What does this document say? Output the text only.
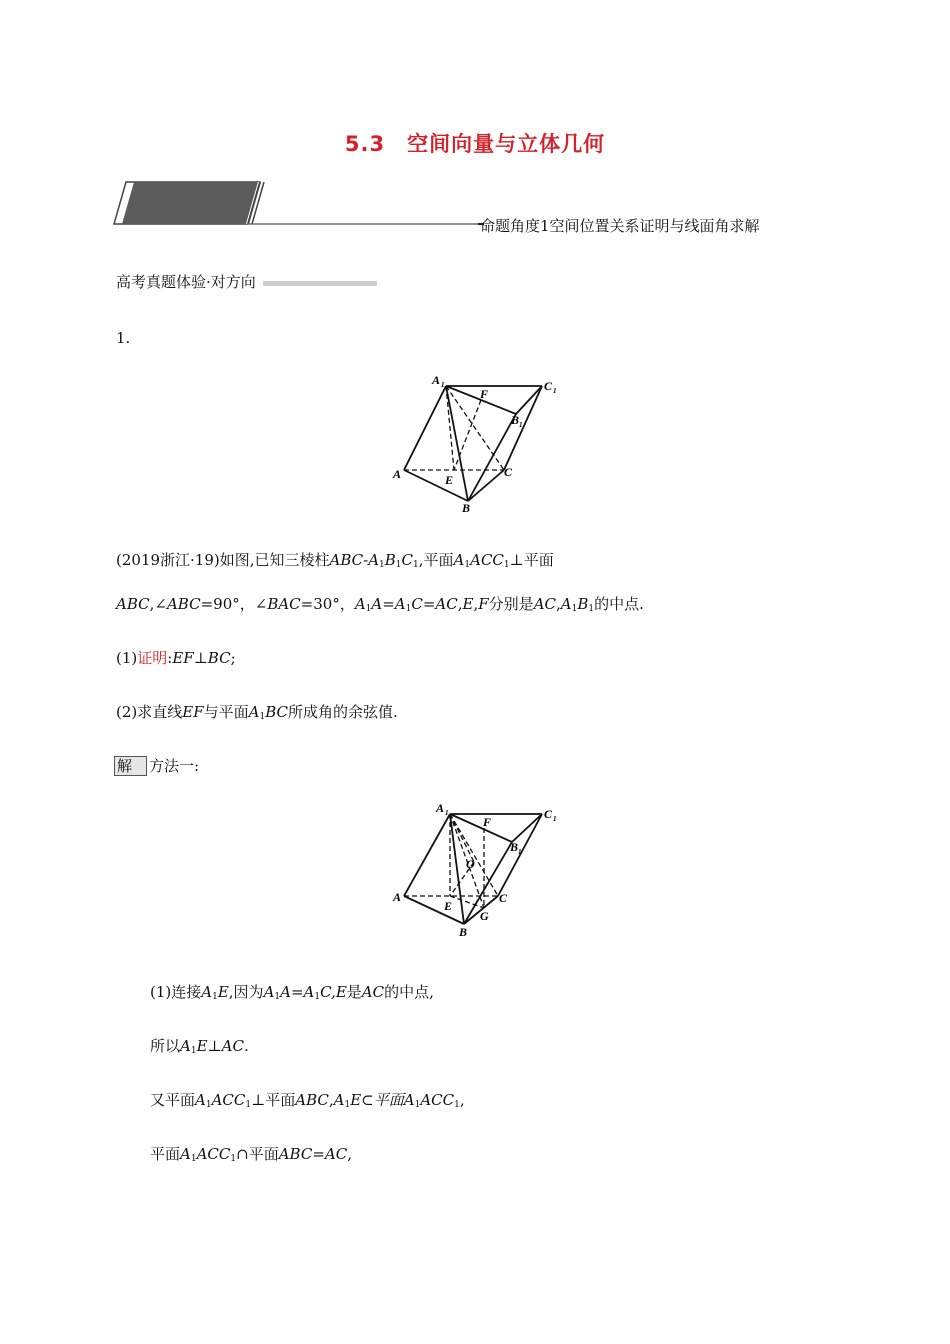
5.3　空间向量与立体几何
命题角度1空间位置关系证明与线面角求解
高考真题体验·对方向
1.
A 1
F
C 1
B 1
A	E
C
B
(2019浙江·19)如图,已知三棱柱ABC-$A_1B_1C_1$,平面$A_1ACC_1\perp$平面
ABC,∠ABC=90°，∠BAC=30°，$A_1A=A_1C=AC,E,F$分别是$AC,A_1B_1$的中点.
(1)证明:EF⊥BC;
(2)求直线EF与平面$A_1BC$所成角的余弦值.
解 方法一:
1
A
F
C 1
B 1
O
A
E
G
C
B
(1)连接$A_1E$,因为$A_1A=A_1C,E$是AC的中点,
所以$A_1E\perp AC$.
又平面$A_1ACC_1\perp$平面$ABC,A_1E\subset$平面$A_1ACC_1$,
平面$A_1ACC_1\cap$平面ABC=AC,
